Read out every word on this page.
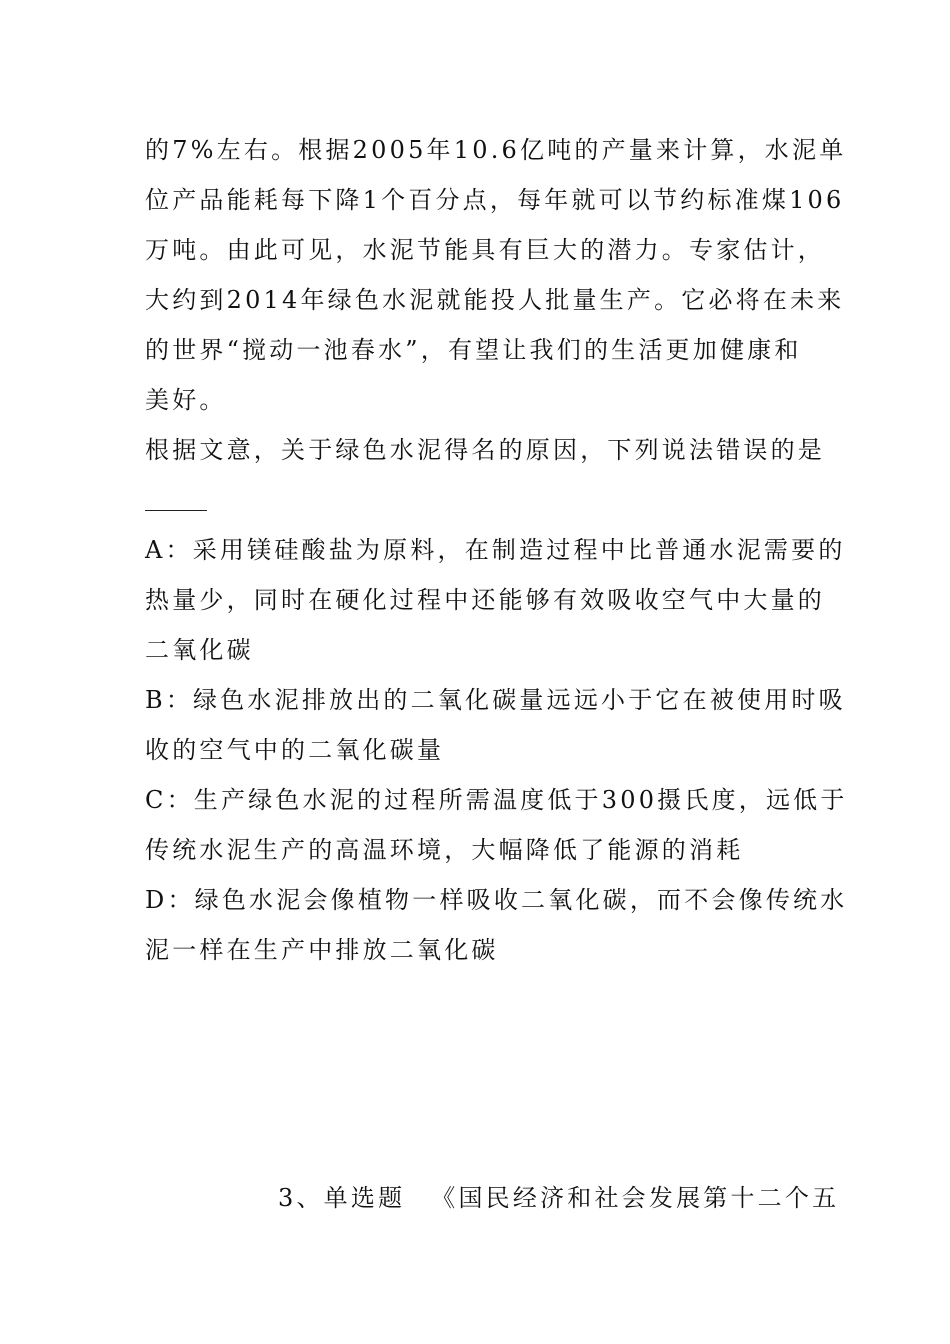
的7%左右。根据2005年10.6亿吨的产量来计算，水泥单
位产品能耗每下降1个百分点，每年就可以节约标准煤106
万吨。由此可见，水泥节能具有巨大的潜力。专家估计，
大约到2014年绿色水泥就能投人批量生产。它必将在未来
的世界“搅动一池春水”，有望让我们的生活更加健康和
美好。
根据文意，关于绿色水泥得名的原因，下列说法错误的是
A：采用镁硅酸盐为原料，在制造过程中比普通水泥需要的
热量少，同时在硬化过程中还能够有效吸收空气中大量的
二氧化碳
B：绿色水泥排放出的二氧化碳量远远小于它在被使用时吸
收的空气中的二氧化碳量
C：生产绿色水泥的过程所需温度低于300摄氏度，远低于
传统水泥生产的高温环境，大幅降低了能源的消耗
D：绿色水泥会像植物一样吸收二氧化碳，而不会像传统水
泥一样在生产中排放二氧化碳
3、单选题 《国民经济和社会发展第十二个五
